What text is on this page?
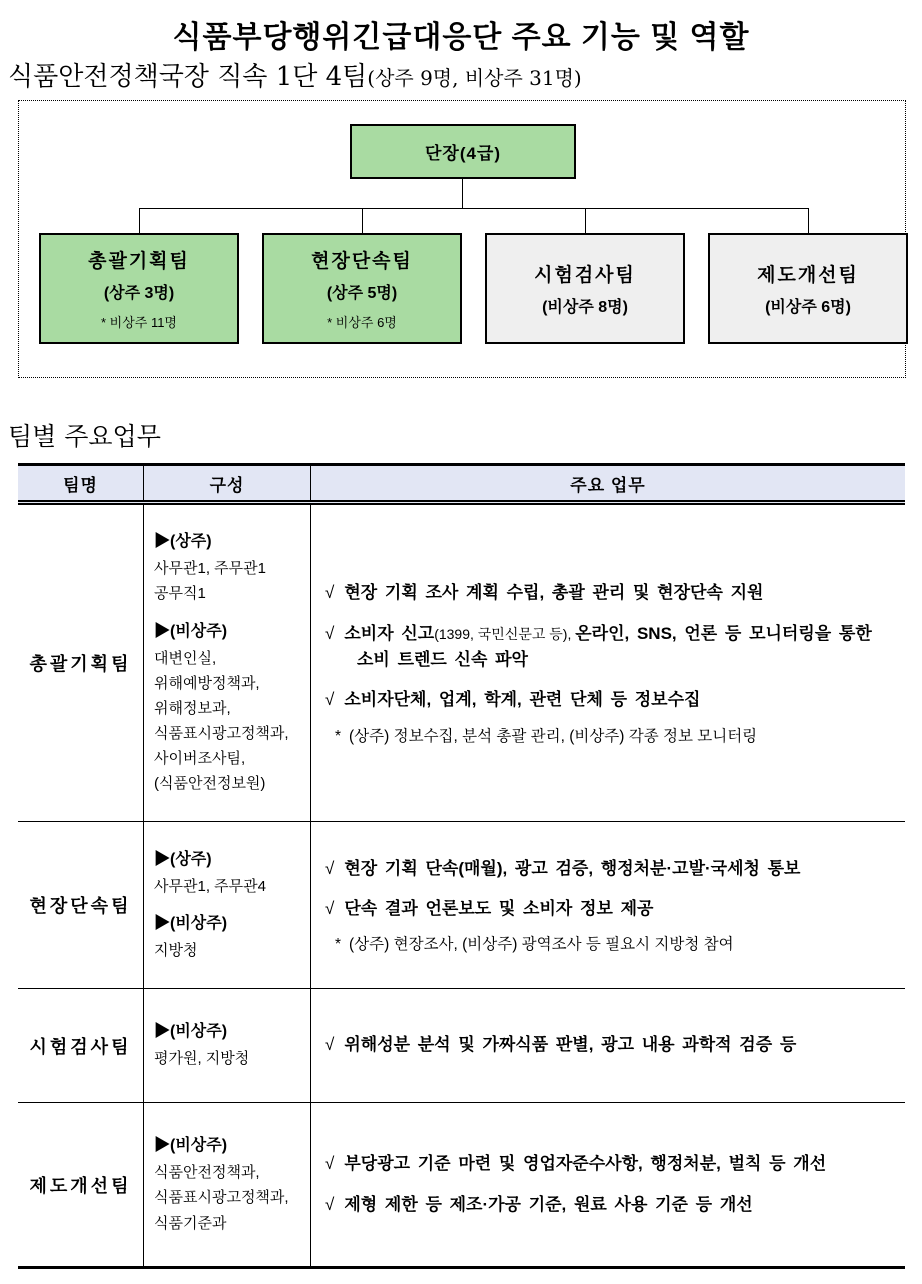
식품부당행위긴급대응단 주요 기능 및 역할
식품안전정책국장 직속 1단 4팀(상주 9명, 비상주 31명)
단장(4급)
총괄기획팀
(상주 3명)
* 비상주 11명
현장단속팀
(상주 5명)
* 비상주 6명
시험검사팀
(비상주 8명)
제도개선팀
(비상주 6명)
팀별 주요업무
팀명	구성	주요 업무
총괄기획팀
▶(상주)
사무관1, 주무관1
공무직1
▶(비상주)
대변인실,
위해예방정책과,
위해정보과,
식품표시광고정책과,
사이버조사팀,
(식품안전정보원)
√ 현장 기획 조사 계획 수립, 총괄 관리 및 현장단속 지원
√ 소비자 신고(1399, 국민신문고 등), 온라인, SNS, 언론 등 모니터링을 통한 소비 트렌드 신속 파악
√ 소비자단체, 업계, 학계, 관련 단체 등 정보수집
* (상주) 정보수집, 분석 총괄 관리, (비상주) 각종 정보 모니터링
현장단속팀
▶(상주)
사무관1, 주무관4
▶(비상주)
지방청
√ 현장 기획 단속(매월), 광고 검증, 행정처분·고발·국세청 통보
√ 단속 결과 언론보도 및 소비자 정보 제공
* (상주) 현장조사, (비상주) 광역조사 등 필요시 지방청 참여
시험검사팀
▶(비상주)
평가원, 지방청
√ 위해성분 분석 및 가짜식품 판별, 광고 내용 과학적 검증 등
제도개선팀
▶(비상주)
식품안전정책과,
식품표시광고정책과,
식품기준과
√ 부당광고 기준 마련 및 영업자준수사항, 행정처분, 벌칙 등 개선
√ 제형 제한 등 제조·가공 기준, 원료 사용 기준 등 개선
